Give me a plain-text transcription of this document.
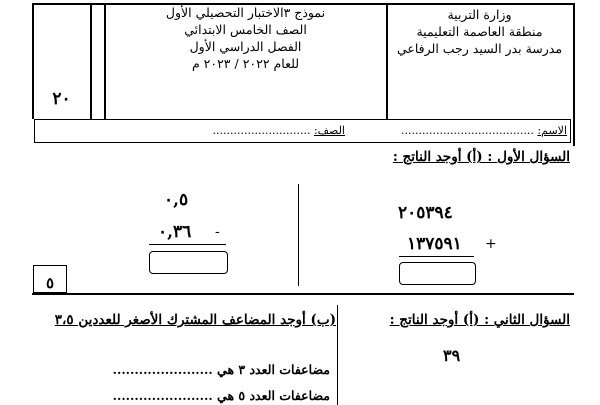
وزارة التربية
منطقة العاصمة التعليمية
مدرسة بدر السيد رجب الرفاعي
نموذج ٣الاختبار التحصيلي الأول
الصف الخامس الابتدائي
الفصل الدراسي الأول
للعام ٢٠٢٢ / ٢٠٢٣ م
٢٠
الاسم: ......................................
الصف: ............................
السؤال الأول : (أ) أوجد الناتج :
٢٠٥٣٩٤
١٣٧٥٩١ +
٠,٥
٠,٣٦ -
٥
السؤال الثاني : (أ) أوجد الناتج :
(ب) أوجد المضاعف المشترك الأصغر للعددين ٣،٥
٣٩
مضاعفات العدد ٣ هي .......................
مضاعفات العدد ٥ هي .......................
